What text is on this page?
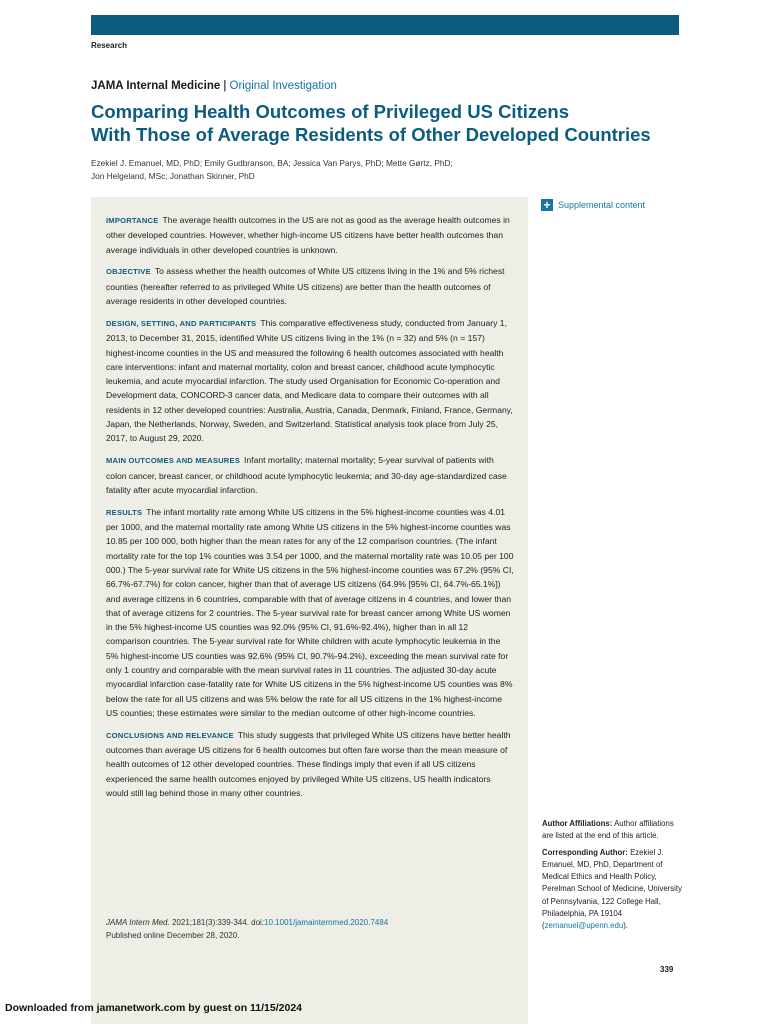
Research
JAMA Internal Medicine | Original Investigation
Comparing Health Outcomes of Privileged US Citizens
With Those of Average Residents of Other Developed Countries
Ezekiel J. Emanuel, MD, PhD; Emily Gudbranson, BA; Jessica Van Parys, PhD; Mette Gørtz, PhD;
Jon Helgeland, MSc; Jonathan Skinner, PhD

IMPORTANCE The average health outcomes in the US are not as good as the average health outcomes in other developed countries. However, whether high-income US citizens have better health outcomes than average individuals in other developed countries is unknown.

OBJECTIVE To assess whether the health outcomes of White US citizens living in the 1% and 5% richest counties (hereafter referred to as privileged White US citizens) are better than the health outcomes of average residents in other developed countries.

DESIGN, SETTING, AND PARTICIPANTS This comparative effectiveness study, conducted from January 1, 2013, to December 31, 2015, identified White US citizens living in the 1% (n = 32) and 5% (n = 157) highest-income counties in the US and measured the following 6 health outcomes associated with health care interventions: infant and maternal mortality, colon and breast cancer, childhood acute lymphocytic leukemia, and acute myocardial infarction. The study used Organisation for Economic Co-operation and Development data, CONCORD-3 cancer data, and Medicare data to compare their outcomes with all residents in 12 other developed countries: Australia, Austria, Canada, Denmark, Finland, France, Germany, Japan, the Netherlands, Norway, Sweden, and Switzerland. Statistical analysis took place from July 25, 2017, to August 29, 2020.

MAIN OUTCOMES AND MEASURES Infant mortality; maternal mortality; 5-year survival of patients with colon cancer, breast cancer, or childhood acute lymphocytic leukemia; and 30-day age-standardized case fatality after acute myocardial infarction.

RESULTS The infant mortality rate among White US citizens in the 5% highest-income counties was 4.01 per 1000, and the maternal mortality rate among White US citizens in the 5% highest-income counties was 10.85 per 100 000, both higher than the mean rates for any of the 12 comparison countries. (The infant mortality rate for the top 1% counties was 3.54 per 1000, and the maternal mortality rate was 10.05 per 100 000.) The 5-year survival rate for White US citizens in the 5% highest-income counties was 67.2% (95% CI, 66.7%-67.7%) for colon cancer, higher than that of average US citizens (64.9% [95% CI, 64.7%-65.1%]) and average citizens in 6 countries, comparable with that of average citizens in 4 countries, and lower than that of average citizens for 2 countries. The 5-year survival rate for breast cancer among White US women in the 5% highest-income US counties was 92.0% (95% CI, 91.6%-92.4%), higher than in all 12 comparison countries. The 5-year survival rate for White children with acute lymphocytic leukemia in the 5% highest-income US counties was 92.6% (95% CI, 90.7%-94.2%), exceeding the mean survival rate for only 1 country and comparable with the mean survival rates in 11 countries. The adjusted 30-day acute myocardial infarction case-fatality rate for White US citizens in the 5% highest-income US counties was 8% below the rate for all US citizens and was 5% below the rate for all US citizens in the 1% highest-income US counties; these estimates were similar to the median outcome of other high-income countries.

CONCLUSIONS AND RELEVANCE This study suggests that privileged White US citizens have better health outcomes than average US citizens for 6 health outcomes but often fare worse than the mean measure of health outcomes of 12 other developed countries. These findings imply that even if all US citizens experienced the same health outcomes enjoyed by privileged White US citizens, US health indicators would still lag behind those in many other countries.

JAMA Intern Med. 2021;181(3):339-344. doi:10.1001/jamainternmed.2020.7484
Published online December 28, 2020.
+ Supplemental content

Author Affiliations: Author affiliations are listed at the end of this article.

Corresponding Author: Ezekiel J. Emanuel, MD, PhD, Department of Medical Ethics and Health Policy, Perelman School of Medicine, University of Pennsylvania, 122 College Hall, Philadelphia, PA 19104 (zemanuel@upenn.edu).

339
Downloaded from jamanetwork.com by guest on 11/15/2024
